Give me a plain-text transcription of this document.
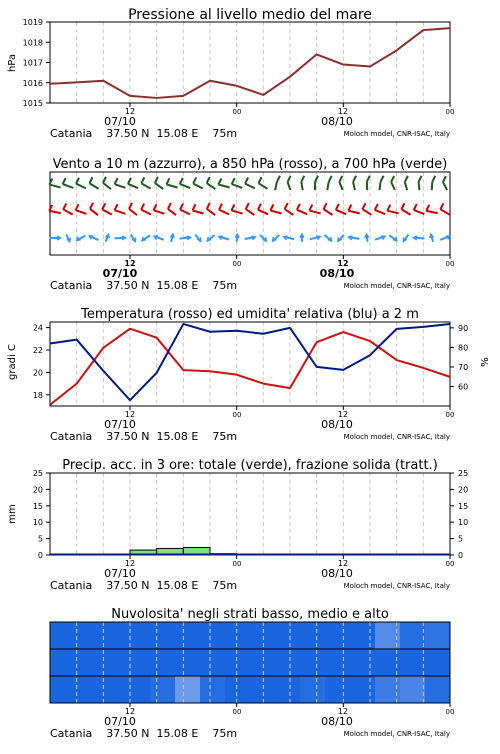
Pressione al livello medio del mare
1015
1016
1017
1018
1019
hPa
12	00	12	00
07/10	08/10
Catania    37.50 N  15.08 E    75m	Moloch model, CNR-ISAC, Italy
Vento a 10 m (azzurro), a 850 hPa (rosso), a 700 hPa (verde)
12	00	12	00
07/10	08/10
Catania    37.50 N  15.08 E    75m	Moloch model, CNR-ISAC, Italy
Temperatura (rosso) ed umidita' relativa (blu) a 2 m
18
20
22
24
60
70
80
90
gradi C	%
12	00	12	00
07/10	08/10
Catania    37.50 N  15.08 E    75m	Moloch model, CNR-ISAC, Italy
Precip. acc. in 3 ore: totale (verde), frazione solida (tratt.)
0
5
10
15
20
25
0
5
10
15
20
25
mm
12	00	12	00
07/10	08/10
Catania    37.50 N  15.08 E    75m	Moloch model, CNR-ISAC, Italy
Nuvolosita' negli strati basso, medio e alto
12	00	12	00
07/10	08/10
Catania    37.50 N  15.08 E    75m	Moloch model, CNR-ISAC, Italy
